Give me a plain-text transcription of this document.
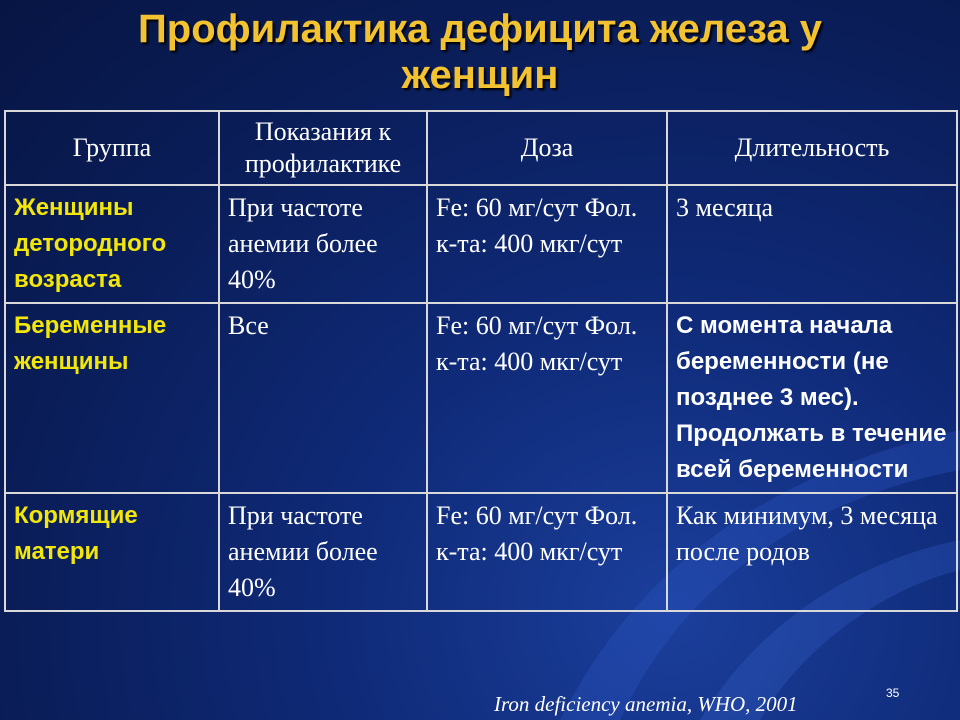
Профилактика дефицита железа у
женщин
Группа	Показания к профилактике	Доза	Длительность
Женщины детородного возраста	При частоте анемии более 40%	Fe: 60 мг/сут Фол. к-та: 400 мкг/сут	3 месяца
Беременные женщины	Все	Fe: 60 мг/сут Фол. к-та: 400 мкг/сут	С момента начала беременности (не позднее 3 мес). Продолжать в течение всей беременности
Кормящие матери	При частоте анемии более 40%	Fe: 60 мг/сут Фол. к-та: 400 мкг/сут	Как минимум, 3 месяца после родов
Iron deficiency anemia, WHO, 2001	35
